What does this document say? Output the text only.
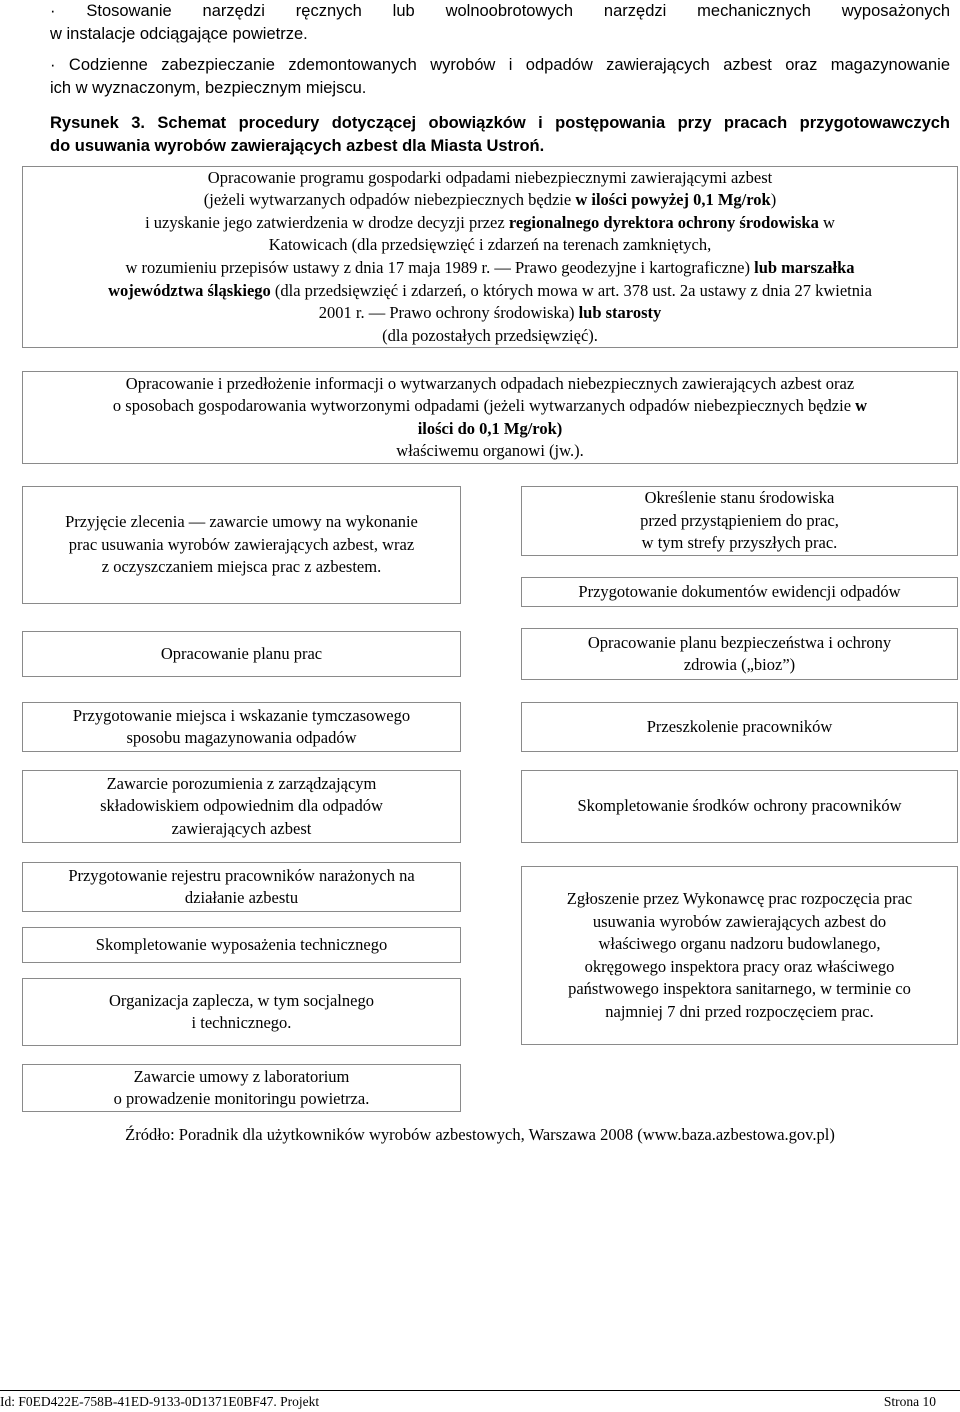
· Stosowanie narzędzi ręcznych lub wolnoobrotowych narzędzi mechanicznych wyposażonych
w instalacje odciągające powietrze.
· Codzienne zabezpieczanie zdemontowanych wyrobów i odpadów zawierających azbest oraz magazynowanie
ich w wyznaczonym, bezpiecznym miejscu.
Rysunek 3. Schemat procedury dotyczącej obowiązków i postępowania przy pracach przygotowawczych
do usuwania wyrobów zawierających azbest dla Miasta Ustroń.
Opracowanie programu gospodarki odpadami niebezpiecznymi zawierającymi azbest
(jeżeli wytwarzanych odpadów niebezpiecznych będzie w ilości powyżej 0,1 Mg/rok)
i uzyskanie jego zatwierdzenia w drodze decyzji przez regionalnego dyrektora ochrony środowiska w
Katowicach (dla przedsięwzięć i zdarzeń na terenach zamkniętych,
w rozumieniu przepisów ustawy z dnia 17 maja 1989 r. ― Prawo geodezyjne i kartograficzne) lub marszałka
województwa śląskiego (dla przedsięwzięć i zdarzeń, o których mowa w art. 378 ust. 2a ustawy z dnia 27 kwietnia
2001 r. ― Prawo ochrony środowiska) lub starosty
(dla pozostałych przedsięwzięć).
Opracowanie i przedłożenie informacji o wytwarzanych odpadach niebezpiecznych zawierających azbest oraz
o sposobach gospodarowania wytworzonymi odpadami (jeżeli wytwarzanych odpadów niebezpiecznych będzie w
ilości do 0,1 Mg/rok)
właściwemu organowi (jw.).
Przyjęcie zlecenia ― zawarcie umowy na wykonanie
prac usuwania wyrobów zawierających azbest, wraz
z oczyszczaniem miejsca prac z azbestem.
Opracowanie planu prac
Przygotowanie miejsca i wskazanie tymczasowego
sposobu magazynowania odpadów
Zawarcie porozumienia z zarządzającym
składowiskiem odpowiednim dla odpadów
zawierających azbest
Przygotowanie rejestru pracowników narażonych na
działanie azbestu
Skompletowanie wyposażenia technicznego
Organizacja zaplecza, w tym socjalnego
i technicznego.
Zawarcie umowy z laboratorium
o prowadzenie monitoringu powietrza.
Określenie stanu środowiska
przed przystąpieniem do prac,
w tym strefy przyszłych prac.
Przygotowanie dokumentów ewidencji odpadów
Opracowanie planu bezpieczeństwa i ochrony
zdrowia („bioz”)
Przeszkolenie pracowników
Skompletowanie środków ochrony pracowników
Zgłoszenie przez Wykonawcę prac rozpoczęcia prac
usuwania wyrobów zawierających azbest do
właściwego organu nadzoru budowlanego,
okręgowego inspektora pracy oraz właściwego
państwowego inspektora sanitarnego, w terminie co
najmniej 7 dni przed rozpoczęciem prac.
Źródło: Poradnik dla użytkowników wyrobów azbestowych, Warszawa 2008 (www.baza.azbestowa.gov.pl)
Id: F0ED422E-758B-41ED-9133-0D1371E0BF47. Projekt	Strona 10
